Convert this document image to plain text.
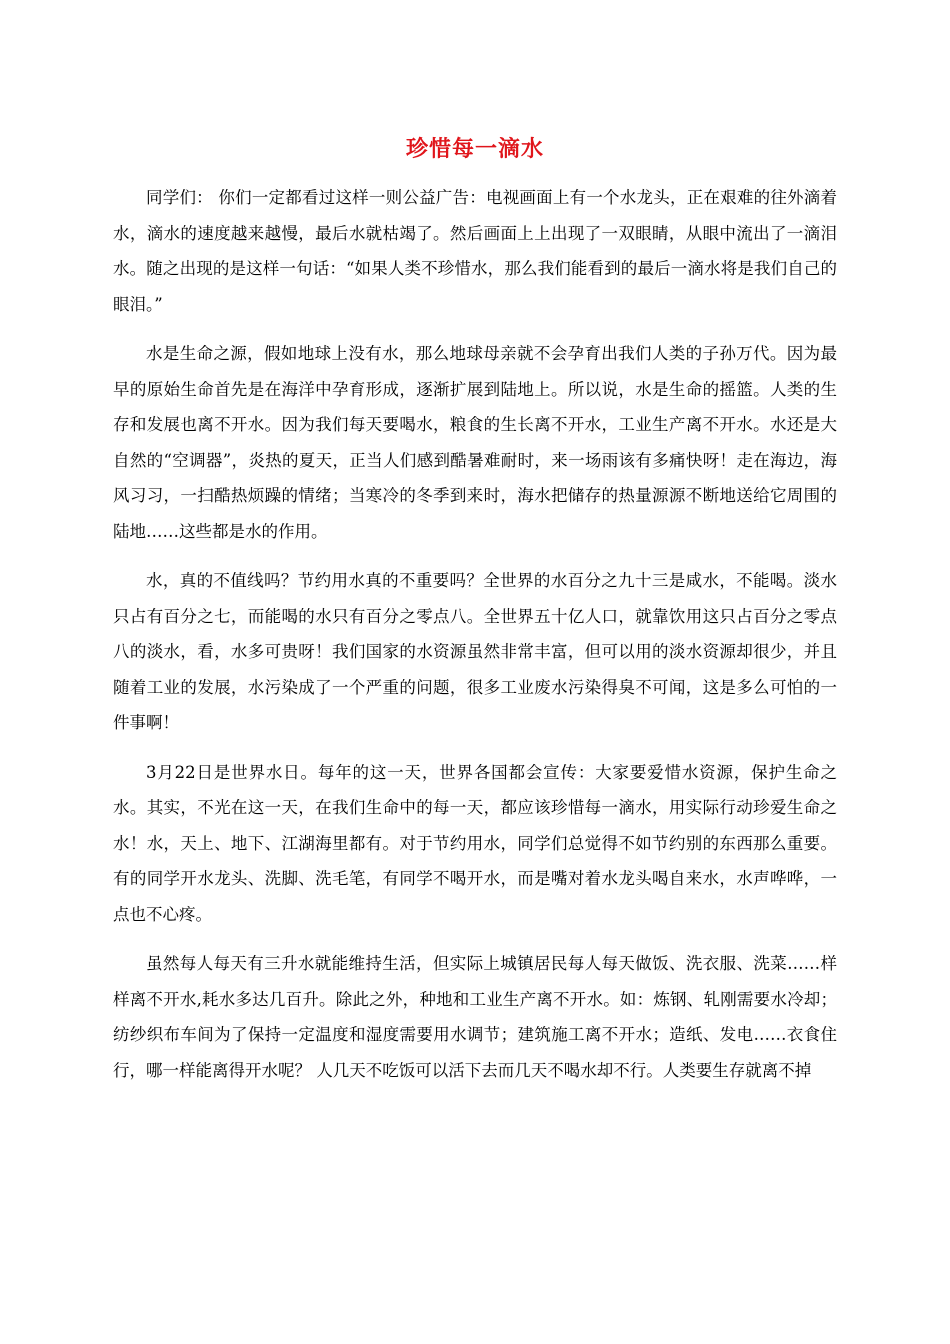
珍惜每一滴水

同学们： 你们一定都看过这样一则公益广告：电视画面上有一个水龙头，正在艰难的往外滴着水，滴水的速度越来越慢，最后水就枯竭了。然后画面上上出现了一双眼睛，从眼中流出了一滴泪水。随之出现的是这样一句话：“如果人类不珍惜水，那么我们能看到的最后一滴水将是我们自己的眼泪。”

水是生命之源，假如地球上没有水，那么地球母亲就不会孕育出我们人类的子孙万代。因为最早的原始生命首先是在海洋中孕育形成，逐渐扩展到陆地上。所以说，水是生命的摇篮。人类的生存和发展也离不开水。因为我们每天要喝水，粮食的生长离不开水，工业生产离不开水。水还是大自然的“空调器”，炎热的夏天，正当人们感到酷暑难耐时，来一场雨该有多痛快呀！走在海边，海风习习，一扫酷热烦躁的情绪；当寒冷的冬季到来时，海水把储存的热量源源不断地送给它周围的陆地……这些都是水的作用。

水，真的不值线吗？节约用水真的不重要吗？全世界的水百分之九十三是咸水，不能喝。淡水只占有百分之七，而能喝的水只有百分之零点八。全世界五十亿人口，就靠饮用这只占百分之零点八的淡水，看，水多可贵呀！我们国家的水资源虽然非常丰富，但可以用的淡水资源却很少，并且随着工业的发展，水污染成了一个严重的问题，很多工业废水污染得臭不可闻，这是多么可怕的一件事啊！

3月22日是世界水日。每年的这一天，世界各国都会宣传：大家要爱惜水资源，保护生命之水。其实，不光在这一天，在我们生命中的每一天，都应该珍惜每一滴水，用实际行动珍爱生命之水！水，天上、地下、江湖海里都有。对于节约用水，同学们总觉得不如节约别的东西那么重要。有的同学开水龙头、洗脚、洗毛笔，有同学不喝开水，而是嘴对着水龙头喝自来水，水声哗哗，一点也不心疼。

虽然每人每天有三升水就能维持生活，但实际上城镇居民每人每天做饭、洗衣服、洗菜……样样离不开水,耗水多达几百升。除此之外，种地和工业生产离不开水。如：炼钢、轧刚需要水冷却；纺纱织布车间为了保持一定温度和湿度需要用水调节；建筑施工离不开水；造纸、发电……衣食住行，哪一样能离得开水呢？ 人几天不吃饭可以活下去而几天不喝水却不行。人类要生存就离不掉
